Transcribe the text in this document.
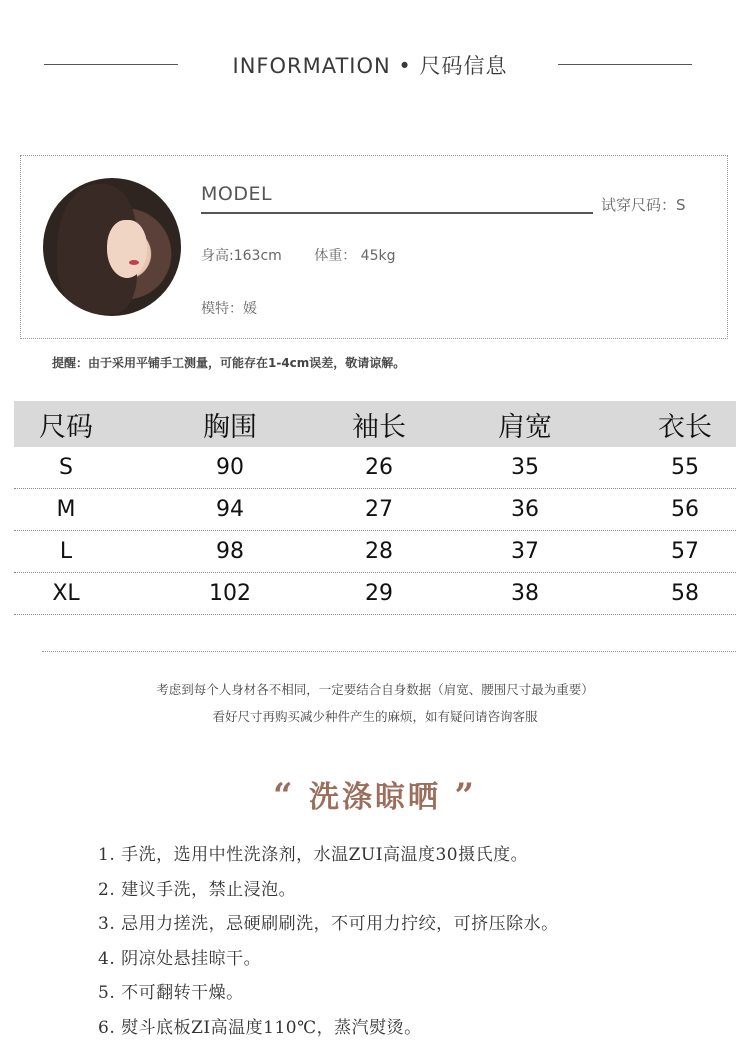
INFORMATION • 尺码信息
MODEL	试穿尺码：S
身高:163cm 体重： 45kg
模特：媛
提醒：由于采用平铺手工测量，可能存在1-4cm误差，敬请谅解。
尺码	胸围	袖长	肩宽	衣长
S	90	26	35	55
M	94	27	36	56
L	98	28	37	57
XL	102	29	38	58
考虑到每个人身材各不相同，一定要结合自身数据（肩宽、腰围尺寸最为重要）
看好尺寸再购买减少种件产生的麻烦，如有疑问请咨询客服
“ 洗涤晾晒 ”
1. 手洗，选用中性洗涤剂，水温ZUI高温度30摄氏度。
2. 建议手洗，禁止浸泡。
3. 忌用力搓洗，忌硬刷刷洗，不可用力拧绞，可挤压除水。
4. 阴凉处悬挂晾干。
5. 不可翻转干燥。
6. 熨斗底板ZI高温度110℃，蒸汽熨烫。
